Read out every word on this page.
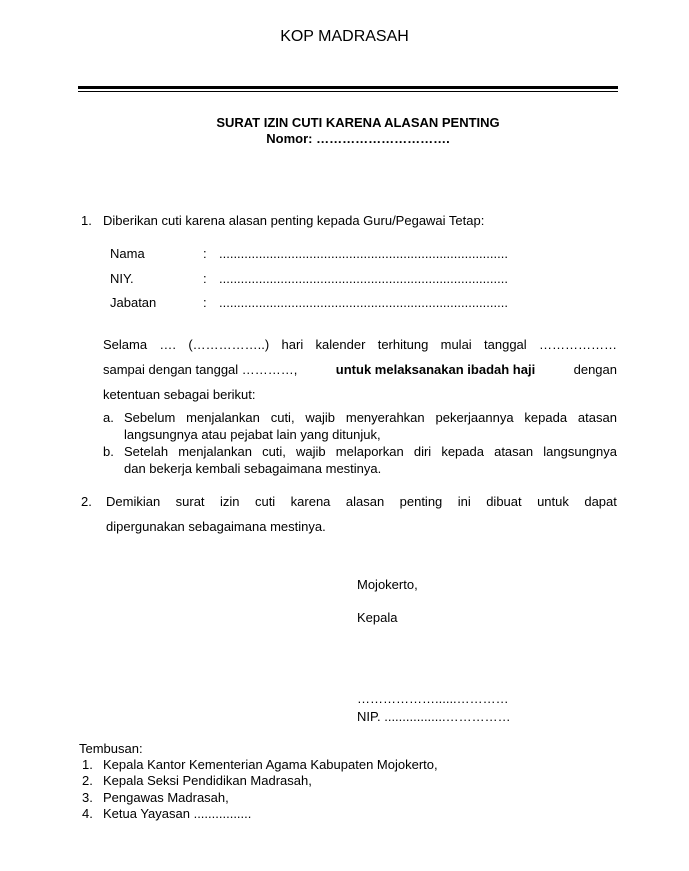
KOP MADRASAH
SURAT IZIN CUTI KARENA ALASAN PENTING
Nomor: ………………………….
1. Diberikan cuti karena alasan penting kepada Guru/Pegawai Tetap:
Nama	: ................................................................................
NIY.	: ................................................................................
Jabatan	: ................................................................................
Selama …. (……………..) hari kalender terhitung mulai tanggal ………………
sampai dengan tanggal …………,	untuk melaksanakan ibadah haji	dengan
ketentuan sebagai berikut:
a. Sebelum menjalankan cuti, wajib menyerahkan pekerjaannya kepada atasan
langsungnya atau pejabat lain yang ditunjuk,
b. Setelah menjalankan cuti, wajib melaporkan diri kepada atasan langsungnya
dan bekerja kembali sebagaimana mestinya.
2. Demikian surat izin cuti karena alasan penting ini dibuat untuk dapat
dipergunakan sebagaimana mestinya.
Mojokerto,
Kepala
………………......…………
NIP. .................……………
Tembusan:
1. Kepala Kantor Kementerian Agama Kabupaten Mojokerto,
2. Kepala Seksi Pendidikan Madrasah,
3. Pengawas Madrasah,
4. Ketua Yayasan ................
